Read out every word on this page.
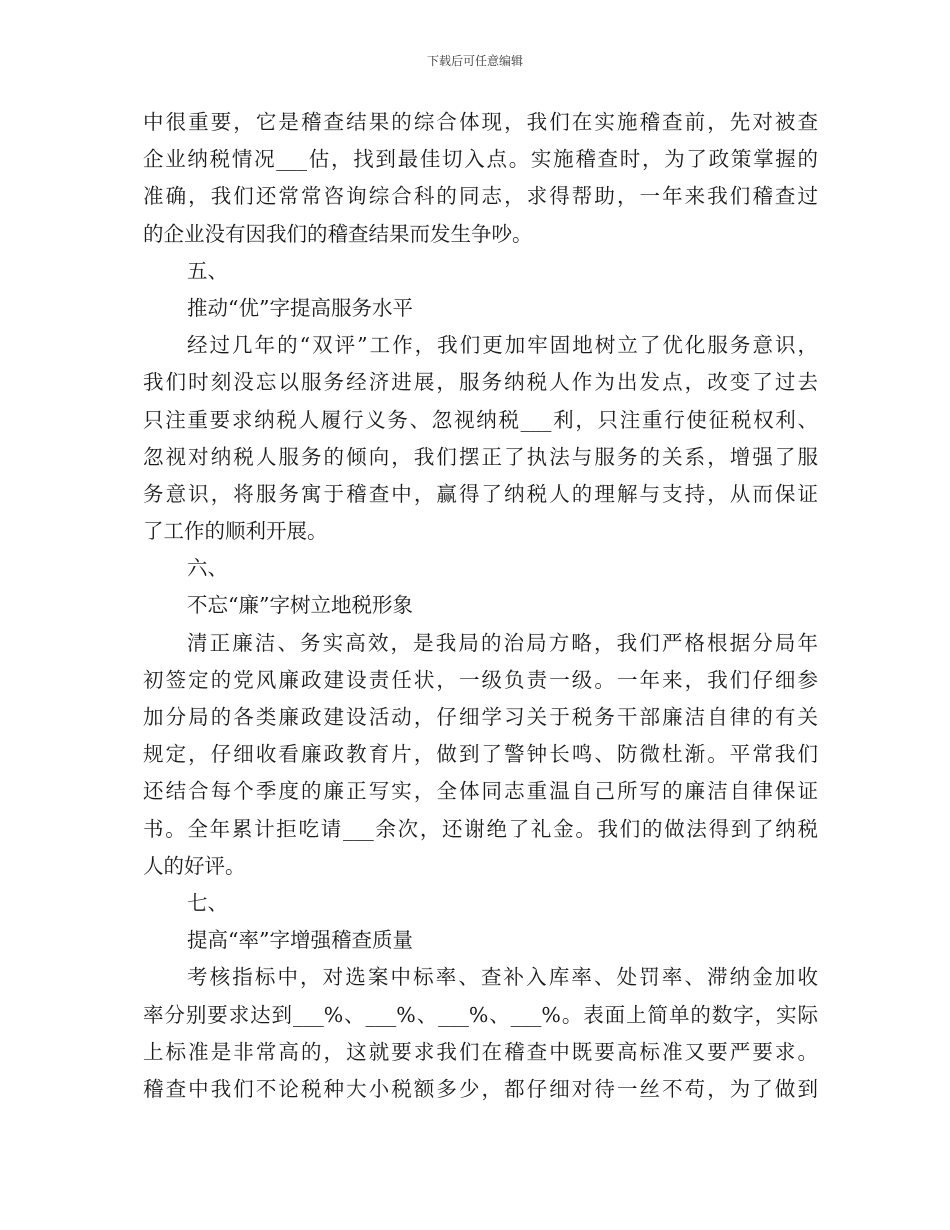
下载后可任意编辑
中很重要，它是稽查结果的综合体现，我们在实施稽查前，先对被查
企业纳税情况___估，找到最佳切入点。实施稽查时，为了政策掌握的
准确，我们还常常咨询综合科的同志，求得帮助，一年来我们稽查过
的企业没有因我们的稽查结果而发生争吵。
五、
推动“优”字提高服务水平
经过几年的“双评”工作，我们更加牢固地树立了优化服务意识，
我们时刻没忘以服务经济进展，服务纳税人作为出发点，改变了过去
只注重要求纳税人履行义务、忽视纳税___利，只注重行使征税权利、
忽视对纳税人服务的倾向，我们摆正了执法与服务的关系，增强了服
务意识，将服务寓于稽查中，赢得了纳税人的理解与支持，从而保证
了工作的顺利开展。
六、
不忘“廉”字树立地税形象
清正廉洁、务实高效，是我局的治局方略，我们严格根据分局年
初签定的党风廉政建设责任状，一级负责一级。一年来，我们仔细参
加分局的各类廉政建设活动，仔细学习关于税务干部廉洁自律的有关
规定，仔细收看廉政教育片，做到了警钟长鸣、防微杜渐。平常我们
还结合每个季度的廉正写实，全体同志重温自己所写的廉洁自律保证
书。全年累计拒吃请___余次，还谢绝了礼金。我们的做法得到了纳税
人的好评。
七、
提高“率”字增强稽查质量
考核指标中，对选案中标率、查补入库率、处罚率、滞纳金加收
率分别要求达到___%、___%、___%、___%。表面上简单的数字，实际
上标准是非常高的，这就要求我们在稽查中既要高标准又要严要求。
稽查中我们不论税种大小税额多少，都仔细对待一丝不苟，为了做到
